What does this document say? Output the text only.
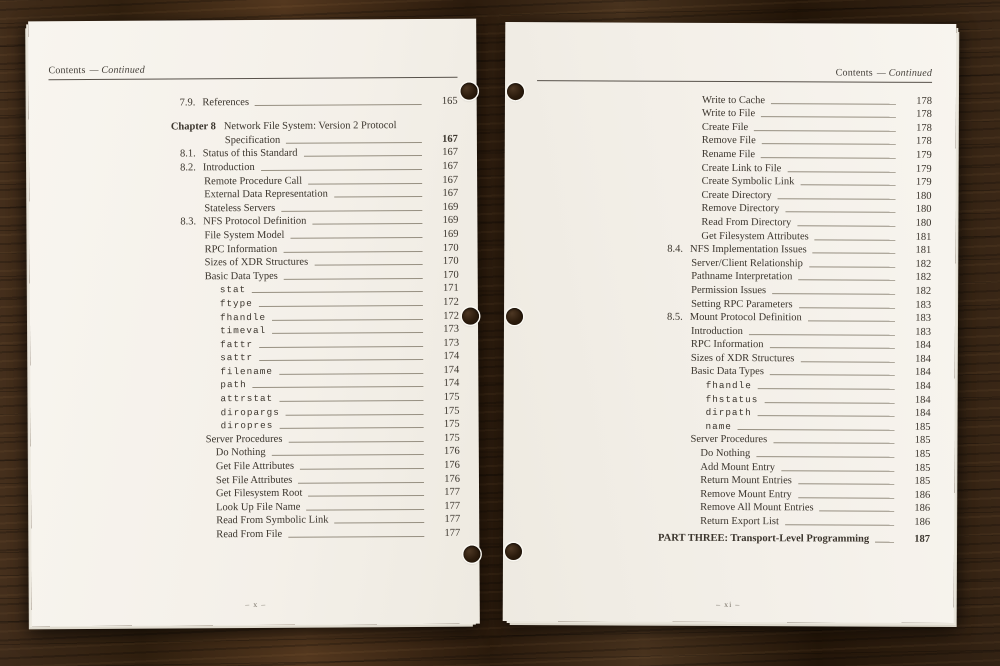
Contents — Continued
7.9. References	165
Chapter 8 Network File System: Version 2 Protocol
Specification	167
8.1. Status of this Standard	167
8.2. Introduction	167
Remote Procedure Call	167
External Data Representation	167
Stateless Servers	169
8.3. NFS Protocol Definition	169
File System Model	169
RPC Information	170
Sizes of XDR Structures	170
Basic Data Types	170
stat	171
ftype	172
fhandle	172
timeval	173
fattr	173
sattr	174
filename	174
path	174
attrstat	175
diropargs	175
diropres	175
Server Procedures	175
Do Nothing	176
Get File Attributes	176
Set File Attributes	176
Get Filesystem Root	177
Look Up File Name	177
Read From Symbolic Link	177
Read From File	177
– x –
Contents — Continued
Write to Cache	178
Write to File	178
Create File	178
Remove File	178
Rename File	179
Create Link to File	179
Create Symbolic Link	179
Create Directory	180
Remove Directory	180
Read From Directory	180
Get Filesystem Attributes	181
8.4. NFS Implementation Issues	181
Server/Client Relationship	182
Pathname Interpretation	182
Permission Issues	182
Setting RPC Parameters	183
8.5. Mount Protocol Definition	183
Introduction	183
RPC Information	184
Sizes of XDR Structures	184
Basic Data Types	184
fhandle	184
fhstatus	184
dirpath	184
name	185
Server Procedures	185
Do Nothing	185
Add Mount Entry	185
Return Mount Entries	185
Remove Mount Entry	186
Remove All Mount Entries	186
Return Export List	186
PART THREE: Transport-Level Programming	187
– xi –
